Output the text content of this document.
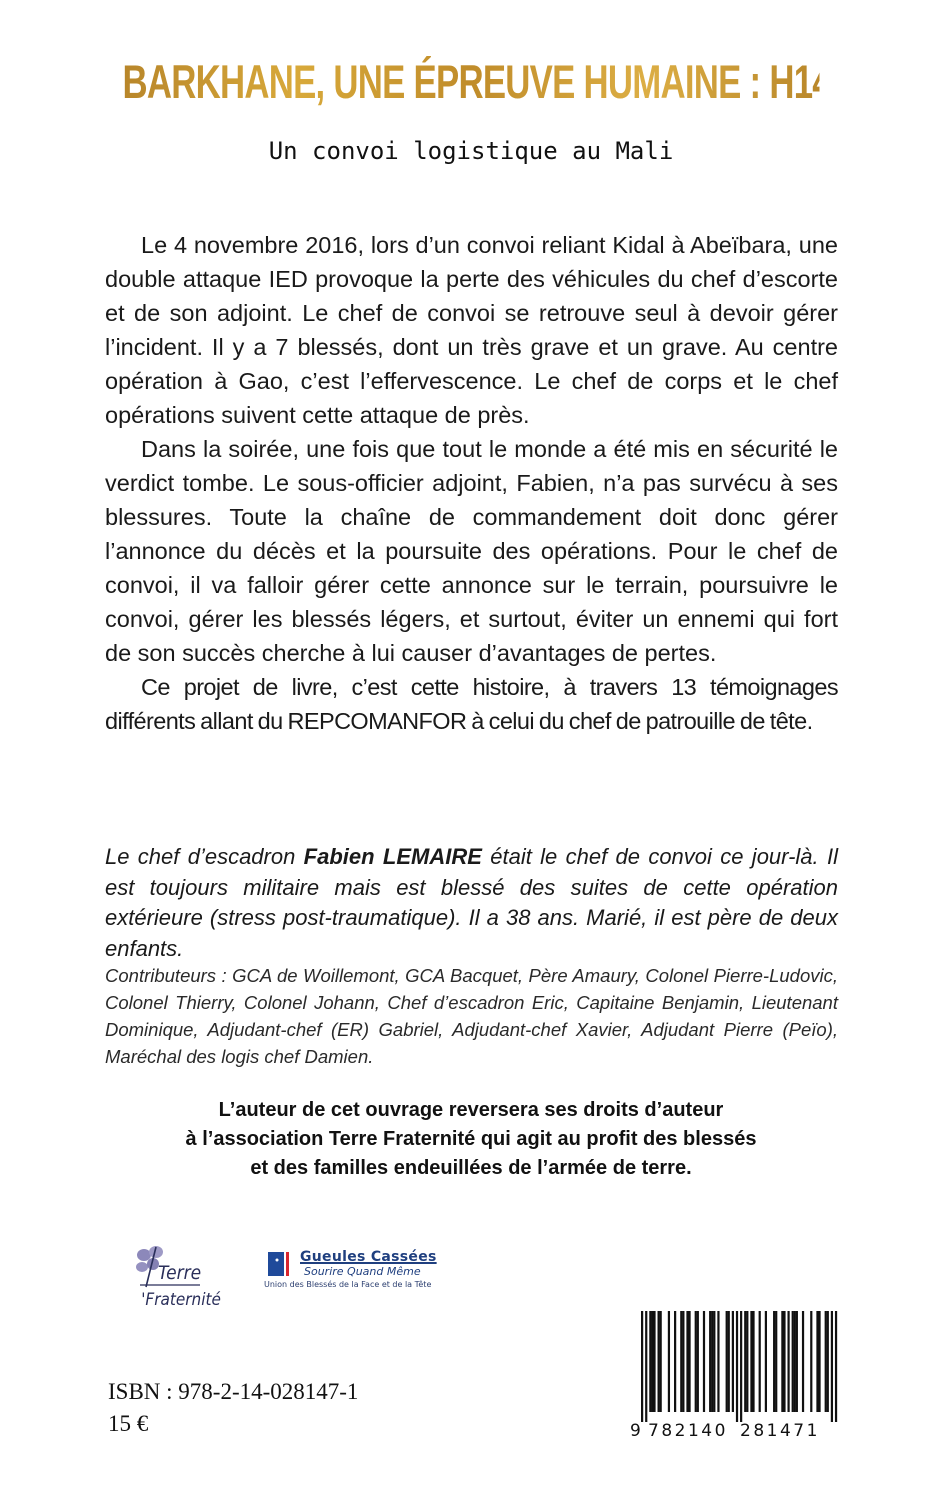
BARKHANE, UNE ÉPREUVE HUMAINE : H14
Un convoi logistique au Mali

Le 4 novembre 2016, lors d’un convoi reliant Kidal à Abeïbara, une double attaque IED provoque la perte des véhicules du chef d’escorte et de son adjoint. Le chef de convoi se retrouve seul à devoir gérer l’incident. Il y a 7 blessés, dont un très grave et un grave. Au centre opération à Gao, c’est l’effervescence. Le chef de corps et le chef opérations suivent cette attaque de près.

Dans la soirée, une fois que tout le monde a été mis en sécurité le verdict tombe. Le sous-officier adjoint, Fabien, n’a pas survécu à ses blessures. Toute la chaîne de commandement doit donc gérer l’annonce du décès et la poursuite des opérations. Pour le chef de convoi, il va falloir gérer cette annonce sur le terrain, poursuivre le convoi, gérer les blessés légers, et surtout, éviter un ennemi qui fort de son succès cherche à lui causer d’avantages de pertes.

Ce projet de livre, c’est cette histoire, à travers 13 témoignages différents allant du REPCOMANFOR à celui du chef de patrouille de tête.

Le chef d’escadron Fabien LEMAIRE était le chef de convoi ce jour-là. Il est toujours militaire mais est blessé des suites de cette opération extérieure (stress post-traumatique). Il a 38 ans. Marié, il est père de deux enfants.

Contributeurs : GCA de Woillemont, GCA Bacquet, Père Amaury, Colonel Pierre-Ludovic, Colonel Thierry, Colonel Johann, Chef d’escadron Eric, Capitaine Benjamin, Lieutenant Dominique, Adjudant-chef (ER) Gabriel, Adjudant-chef Xavier, Adjudant Pierre (Peïo), Maréchal des logis chef Damien.

L’auteur de cet ouvrage reversera ses droits d’auteur
à l’association Terre Fraternité qui agit au profit des blessés
et des familles endeuillées de l’armée de terre.
Terre
'Fraternité
Gueules Cassées
Sourire Quand Même
Union des Blessés de la Face et de la Tête
ISBN : 978-2-14-028147-1
15 €	9 782140 281471
